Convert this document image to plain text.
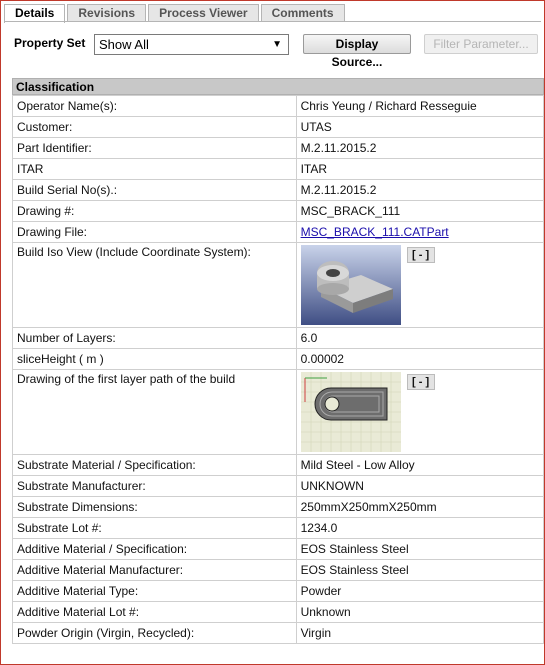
Details	Revisions	Process Viewer	Comments
Property Set	Show All	▼	Display Source...
Filter Parameter...
Classification
Operator Name(s):	Chris Yeung / Richard Resseguie
Customer:	UTAS
Part Identifier:	M.2.11.2015.2
ITAR	ITAR
Build Serial No(s).:	M.2.11.2015.2
Drawing #:	MSC_BRACK_111
Drawing File:	MSC_BRACK_111.CATPart
Build Iso View (Include Coordinate System):	[ - ]

Number of Layers:	6.0
sliceHeight ( m )	0.00002
Drawing of the first layer path of the build	[ - ]

Substrate Material / Specification:	Mild Steel - Low Alloy
Substrate Manufacturer:	UNKNOWN
Substrate Dimensions:	250mmX250mmX250mm
Substrate Lot #:	1234.0
Additive Material / Specification:	EOS Stainless Steel
Additive Material Manufacturer:	EOS Stainless Steel
Additive Material Type:	Powder
Additive Material Lot #:	Unknown
Powder Origin (Virgin, Recycled):	Virgin
